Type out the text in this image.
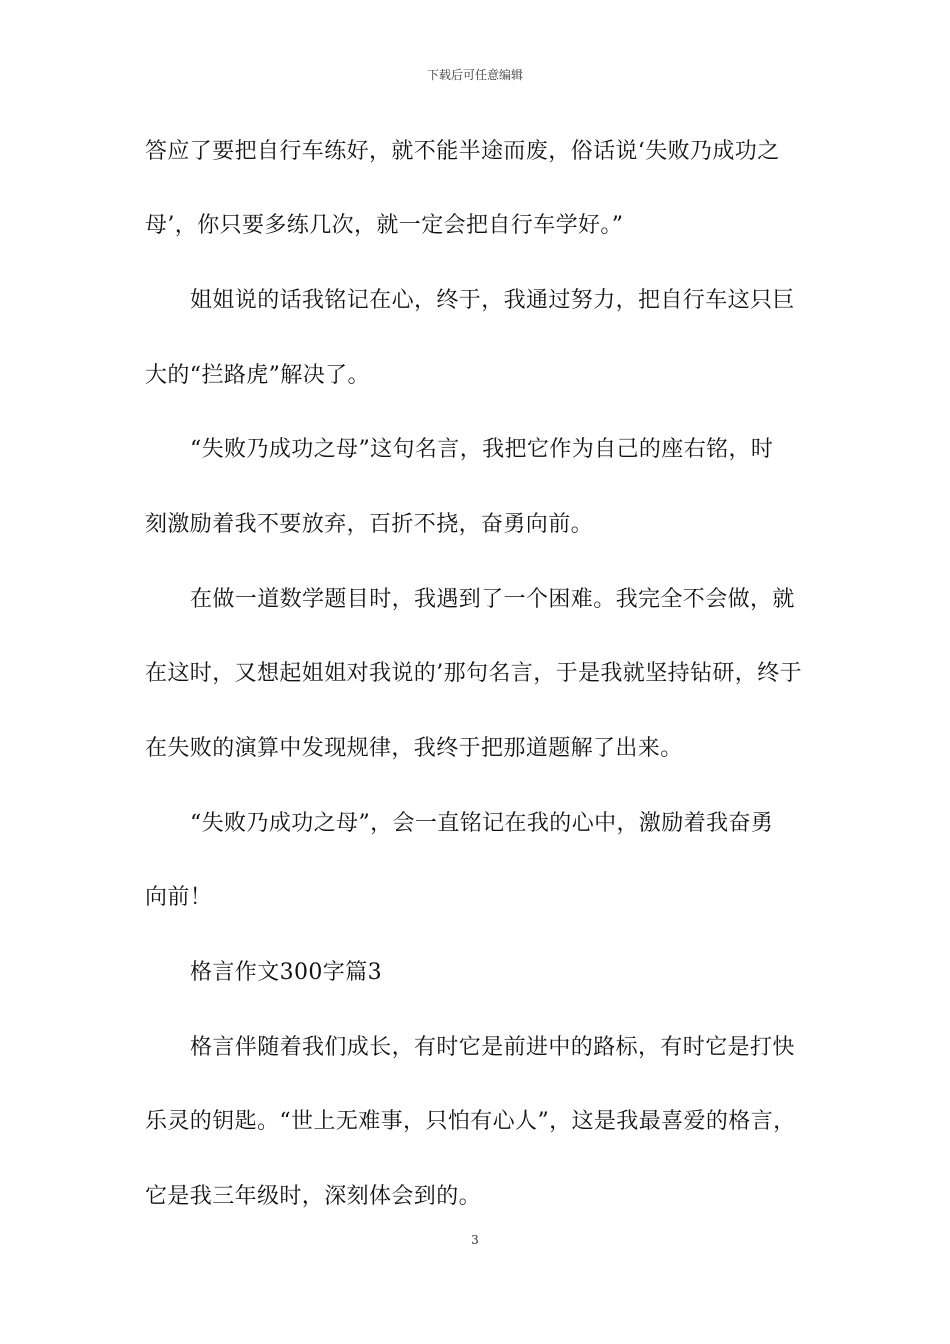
下载后可任意编辑
答应了要把自行车练好，就不能半途而废，俗话说‘失败乃成功之
母’，你只要多练几次，就一定会把自行车学好。”
姐姐说的话我铭记在心，终于，我通过努力，把自行车这只巨
大的“拦路虎”解决了。
“失败乃成功之母”这句名言，我把它作为自己的座右铭，时
刻激励着我不要放弃，百折不挠，奋勇向前。
在做一道数学题目时，我遇到了一个困难。我完全不会做，就
在这时，又想起姐姐对我说的’那句名言，于是我就坚持钻研，终于
在失败的演算中发现规律，我终于把那道题解了出来。
“失败乃成功之母”，会一直铭记在我的心中，激励着我奋勇
向前！
格言作文300字篇3
格言伴随着我们成长，有时它是前进中的路标，有时它是打快
乐灵的钥匙。“世上无难事，只怕有心人”，这是我最喜爱的格言，
它是我三年级时，深刻体会到的。
3
